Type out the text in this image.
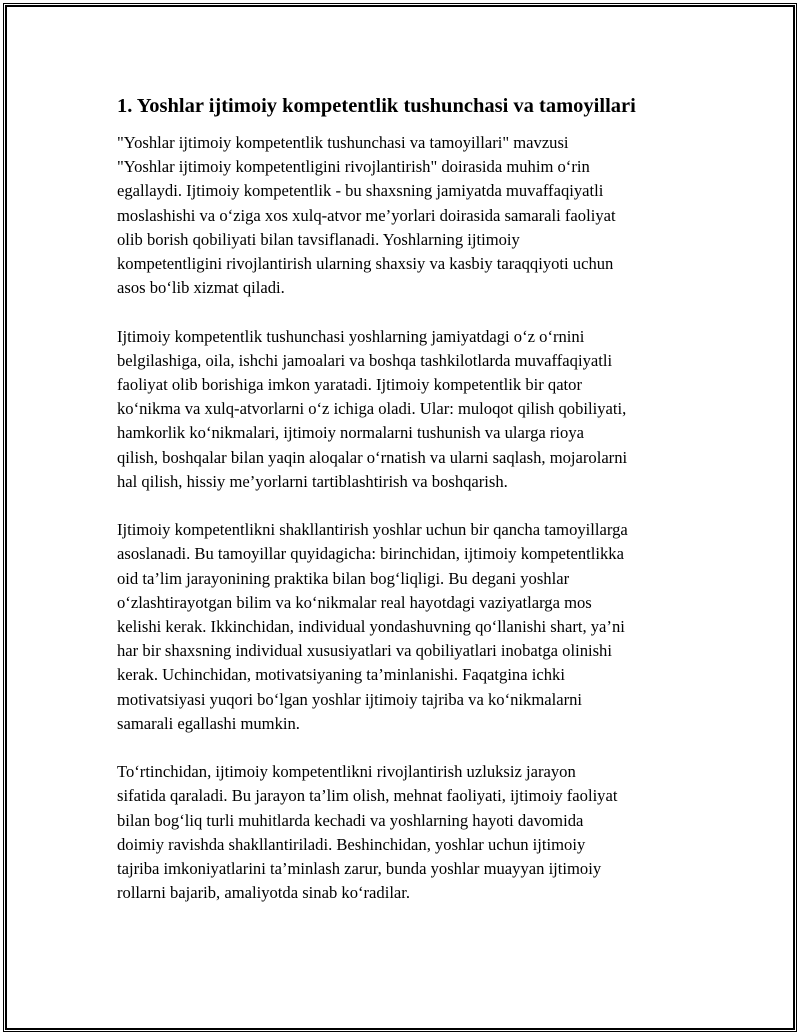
1. Yoshlar ijtimoiy kompetentlik tushunchasi va tamoyillari

"Yoshlar ijtimoiy kompetentlik tushunchasi va tamoyillari" mavzusi
"Yoshlar ijtimoiy kompetentligini rivojlantirish" doirasida muhim o‘rin
egallaydi. Ijtimoiy kompetentlik - bu shaxsning jamiyatda muvaffaqiyatli
moslashishi va o‘ziga xos xulq-atvor me’yorlari doirasida samarali faoliyat
olib borish qobiliyati bilan tavsiflanadi. Yoshlarning ijtimoiy
kompetentligini rivojlantirish ularning shaxsiy va kasbiy taraqqiyoti uchun
asos bo‘lib xizmat qiladi.

Ijtimoiy kompetentlik tushunchasi yoshlarning jamiyatdagi o‘z o‘rnini
belgilashiga, oila, ishchi jamoalari va boshqa tashkilotlarda muvaffaqiyatli
faoliyat olib borishiga imkon yaratadi. Ijtimoiy kompetentlik bir qator
ko‘nikma va xulq-atvorlarni o‘z ichiga oladi. Ular: muloqot qilish qobiliyati,
hamkorlik ko‘nikmalari, ijtimoiy normalarni tushunish va ularga rioya
qilish, boshqalar bilan yaqin aloqalar o‘rnatish va ularni saqlash, mojarolarni
hal qilish, hissiy me’yorlarni tartiblashtirish va boshqarish.

Ijtimoiy kompetentlikni shakllantirish yoshlar uchun bir qancha tamoyillarga
asoslanadi. Bu tamoyillar quyidagicha: birinchidan, ijtimoiy kompetentlikka
oid ta’lim jarayonining praktika bilan bog‘liqligi. Bu degani yoshlar
o‘zlashtirayotgan bilim va ko‘nikmalar real hayotdagi vaziyatlarga mos
kelishi kerak. Ikkinchidan, individual yondashuvning qo‘llanishi shart, ya’ni
har bir shaxsning individual xususiyatlari va qobiliyatlari inobatga olinishi
kerak. Uchinchidan, motivatsiyaning ta’minlanishi. Faqatgina ichki
motivatsiyasi yuqori bo‘lgan yoshlar ijtimoiy tajriba va ko‘nikmalarni
samarali egallashi mumkin.

To‘rtinchidan, ijtimoiy kompetentlikni rivojlantirish uzluksiz jarayon
sifatida qaraladi. Bu jarayon ta’lim olish, mehnat faoliyati, ijtimoiy faoliyat
bilan bog‘liq turli muhitlarda kechadi va yoshlarning hayoti davomida
doimiy ravishda shakllantiriladi. Beshinchidan, yoshlar uchun ijtimoiy
tajriba imkoniyatlarini ta’minlash zarur, bunda yoshlar muayyan ijtimoiy
rollarni bajarib, amaliyotda sinab ko‘radilar.
